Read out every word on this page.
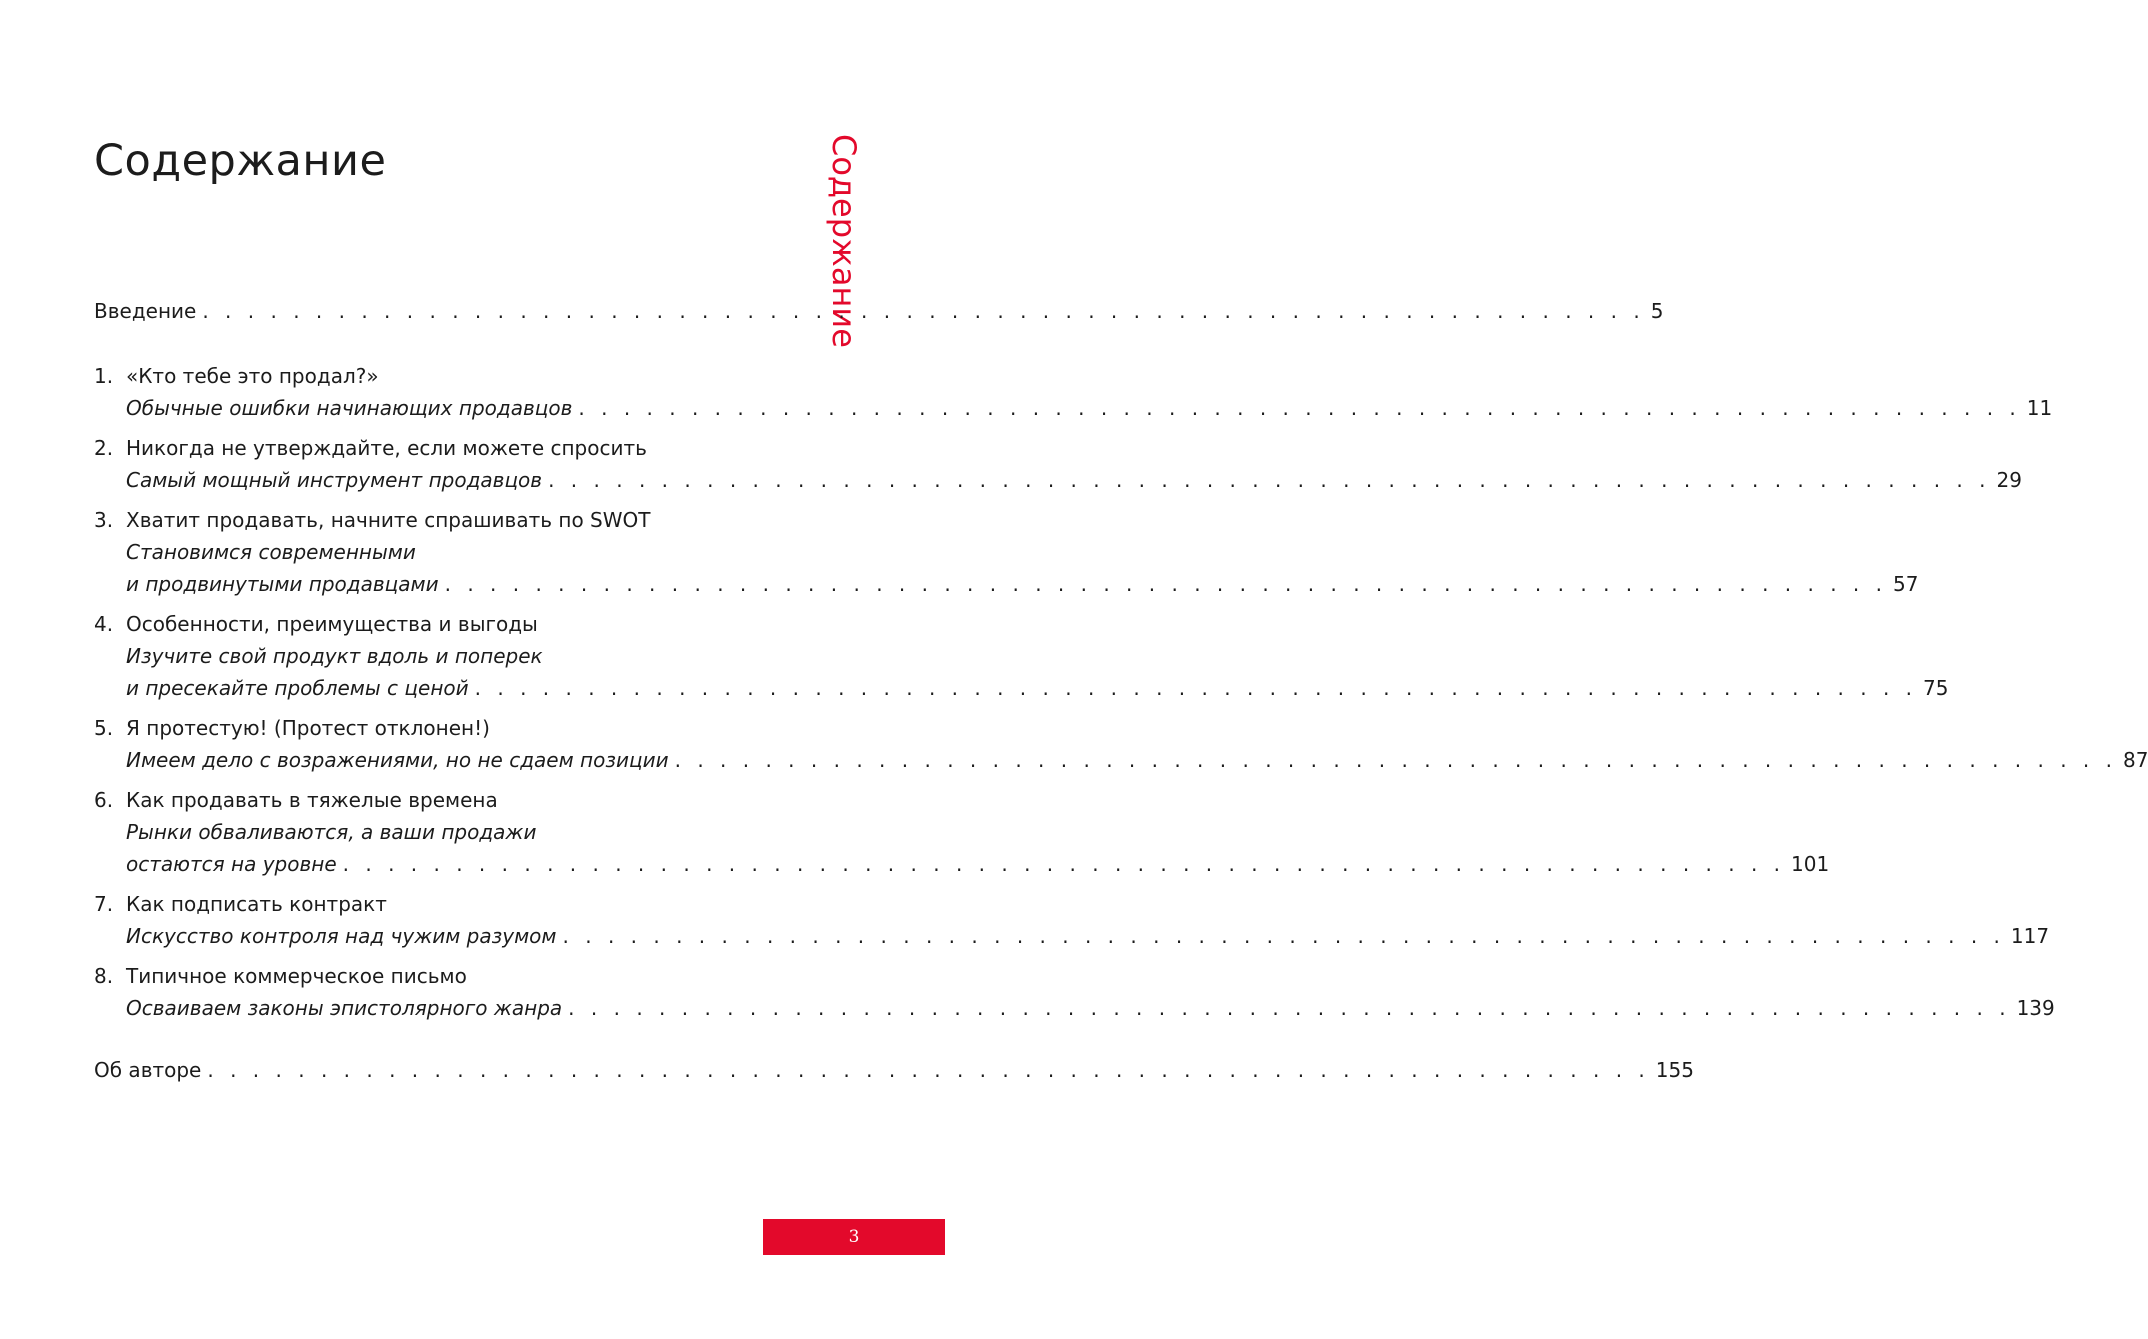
Содержание	Содержание
Введение . . . . . . . . . . . . . . . . . . . . . . . . . . . . . . . . . . . . . . . . . . . . . . . . . . . . . . . . . . . . . . . . 5
1. «Кто тебе это продал?»
Обычные ошибки начинающих продавцов . . . . . . . . . . . . . . . . . . . . . . . . . . . . . . . . . . . . . . . . . . . . . . . . . . . . . . . . . . . . . . . . 11
2. Никогда не утверждайте, если можете спросить
Самый мощный инструмент продавцов . . . . . . . . . . . . . . . . . . . . . . . . . . . . . . . . . . . . . . . . . . . . . . . . . . . . . . . . . . . . . . . . 29
3. Хватит продавать, начните спрашивать по SWOT
Становимся современными
и продвинутыми продавцами . . . . . . . . . . . . . . . . . . . . . . . . . . . . . . . . . . . . . . . . . . . . . . . . . . . . . . . . . . . . . . . . 57
4. Особенности, преимущества и выгоды
Изучите свой продукт вдоль и поперек
и пресекайте проблемы с ценой . . . . . . . . . . . . . . . . . . . . . . . . . . . . . . . . . . . . . . . . . . . . . . . . . . . . . . . . . . . . . . . . 75
5. Я протестую! (Протест отклонен!)
Имеем дело с возражениями, но не сдаем позиции . . . . . . . . . . . . . . . . . . . . . . . . . . . . . . . . . . . . . . . . . . . . . . . . . . . . . . . . . . . . . . . . 87
6. Как продавать в тяжелые времена
Рынки обваливаются, а ваши продажи
остаются на уровне . . . . . . . . . . . . . . . . . . . . . . . . . . . . . . . . . . . . . . . . . . . . . . . . . . . . . . . . . . . . . . . . 101
7. Как подписать контракт
Искусство контроля над чужим разумом . . . . . . . . . . . . . . . . . . . . . . . . . . . . . . . . . . . . . . . . . . . . . . . . . . . . . . . . . . . . . . . . 117
8. Типичное коммерческое письмо
Осваиваем законы эпистолярного жанра . . . . . . . . . . . . . . . . . . . . . . . . . . . . . . . . . . . . . . . . . . . . . . . . . . . . . . . . . . . . . . . . 139
Об авторе . . . . . . . . . . . . . . . . . . . . . . . . . . . . . . . . . . . . . . . . . . . . . . . . . . . . . . . . . . . . . . . . 155
3
